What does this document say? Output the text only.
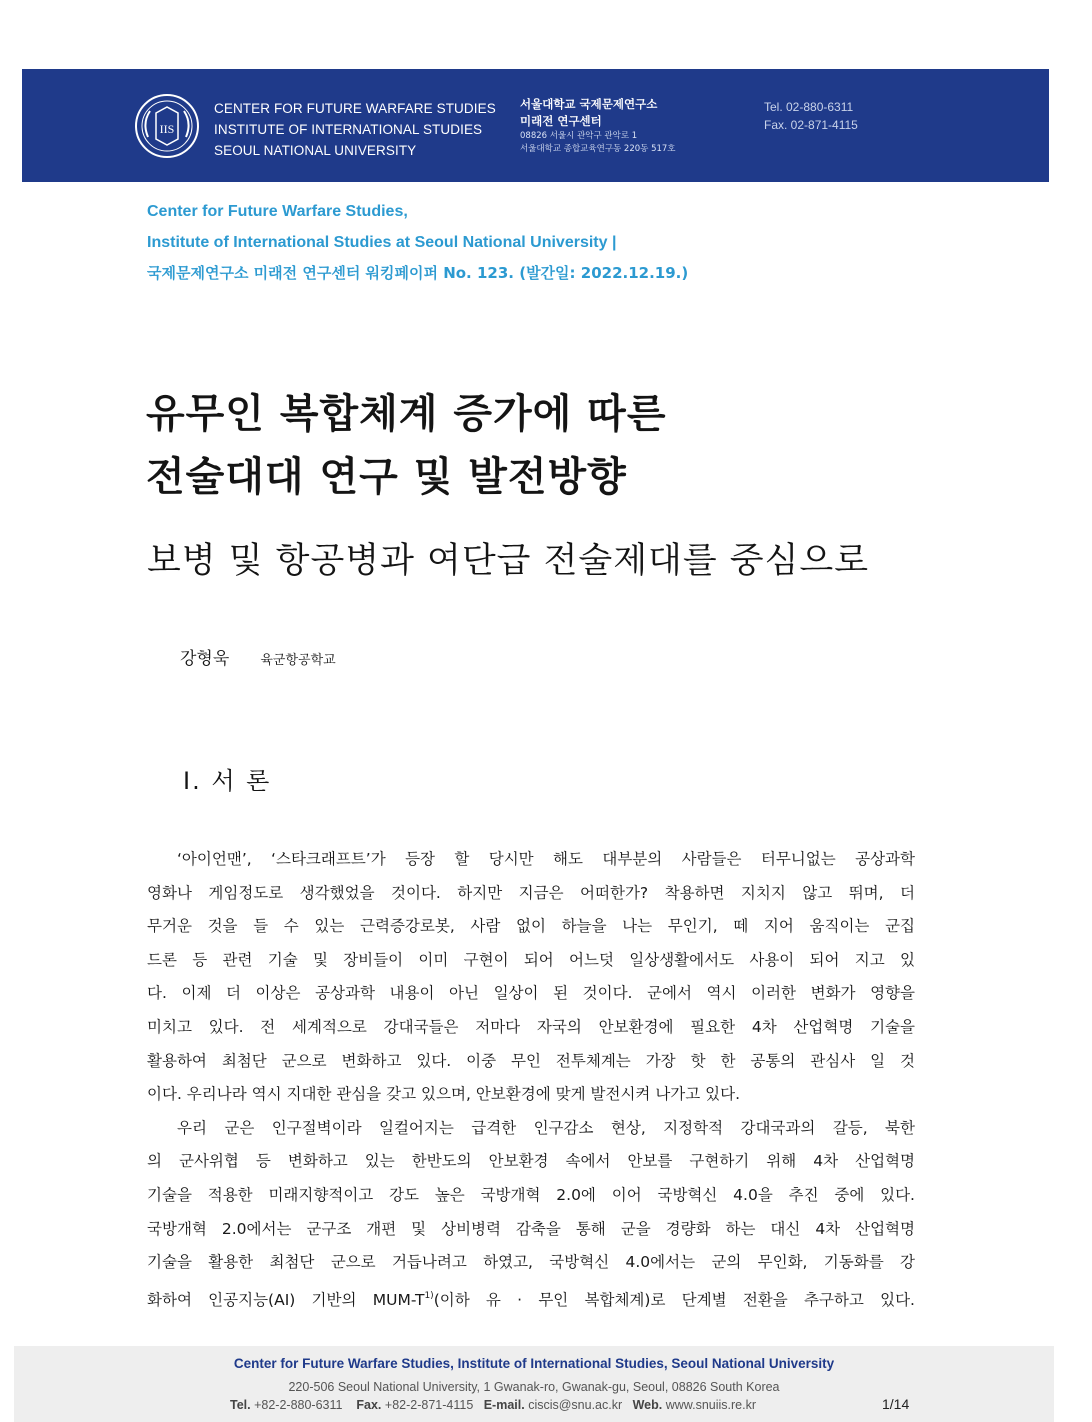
IIS
CENTER FOR FUTURE WARFARE STUDIES
INSTITUTE OF INTERNATIONAL STUDIES
SEOUL NATIONAL UNIVERSITY
서울대학교 국제문제연구소
미래전 연구센터
08826 서울시 관악구 관악로 1
서울대학교 종합교육연구동 220동 517호
Tel. 02-880-6311
Fax. 02-871-4115
Center for Future Warfare Studies,
Institute of International Studies at Seoul National University |
국제문제연구소 미래전 연구센터 워킹페이퍼 No. 123. (발간일: 2022.12.19.)
유무인 복합체계 증가에 따른
전술대대 연구 및 발전방향
보병 및 항공병과 여단급 전술제대를 중심으로
강형욱 육군항공학교
Ⅰ. 서 론
‘아이언맨’, ‘스타크래프트’가 등장 할 당시만 해도 대부분의 사람들은 터무니없는 공상과학
영화나 게임정도로 생각했었을 것이다. 하지만 지금은 어떠한가? 착용하면 지치지 않고 뛰며, 더
무거운 것을 들 수 있는 근력증강로봇, 사람 없이 하늘을 나는 무인기, 떼 지어 움직이는 군집
드론 등 관련 기술 및 장비들이 이미 구현이 되어 어느덧 일상생활에서도 사용이 되어 지고 있
다. 이제 더 이상은 공상과학 내용이 아닌 일상이 된 것이다. 군에서 역시 이러한 변화가 영향을
미치고 있다. 전 세계적으로 강대국들은 저마다 자국의 안보환경에 필요한 4차 산업혁명 기술을
활용하여 최첨단 군으로 변화하고 있다. 이중 무인 전투체계는 가장 핫 한 공통의 관심사 일 것
이다. 우리나라 역시 지대한 관심을 갖고 있으며, 안보환경에 맞게 발전시켜 나가고 있다.
우리 군은 인구절벽이라 일컬어지는 급격한 인구감소 현상, 지정학적 강대국과의 갈등, 북한
의 군사위협 등 변화하고 있는 한반도의 안보환경 속에서 안보를 구현하기 위해 4차 산업혁명
기술을 적용한 미래지향적이고 강도 높은 국방개혁 2.0에 이어 국방혁신 4.0을 추진 중에 있다.
국방개혁 2.0에서는 군구조 개편 및 상비병력 감축을 통해 군을 경량화 하는 대신 4차 산업혁명
기술을 활용한 최첨단 군으로 거듭나려고 하였고, 국방혁신 4.0에서는 군의 무인화, 기동화를 강
화하여 인공지능(AI) 기반의 MUM-$T^{1)}$(이하 유 · 무인 복합체계)로 단계별 전환을 추구하고 있다.
Center for Future Warfare Studies, Institute of International Studies, Seoul National University
220-506 Seoul National University, 1 Gwanak-ro, Gwanak-gu, Seoul, 08826 South Korea
Tel. +82-2-880-6311 Fax. +82-2-871-4115 E-mail. ciscis@snu.ac.kr Web. www.snuiis.re.kr	1/14
